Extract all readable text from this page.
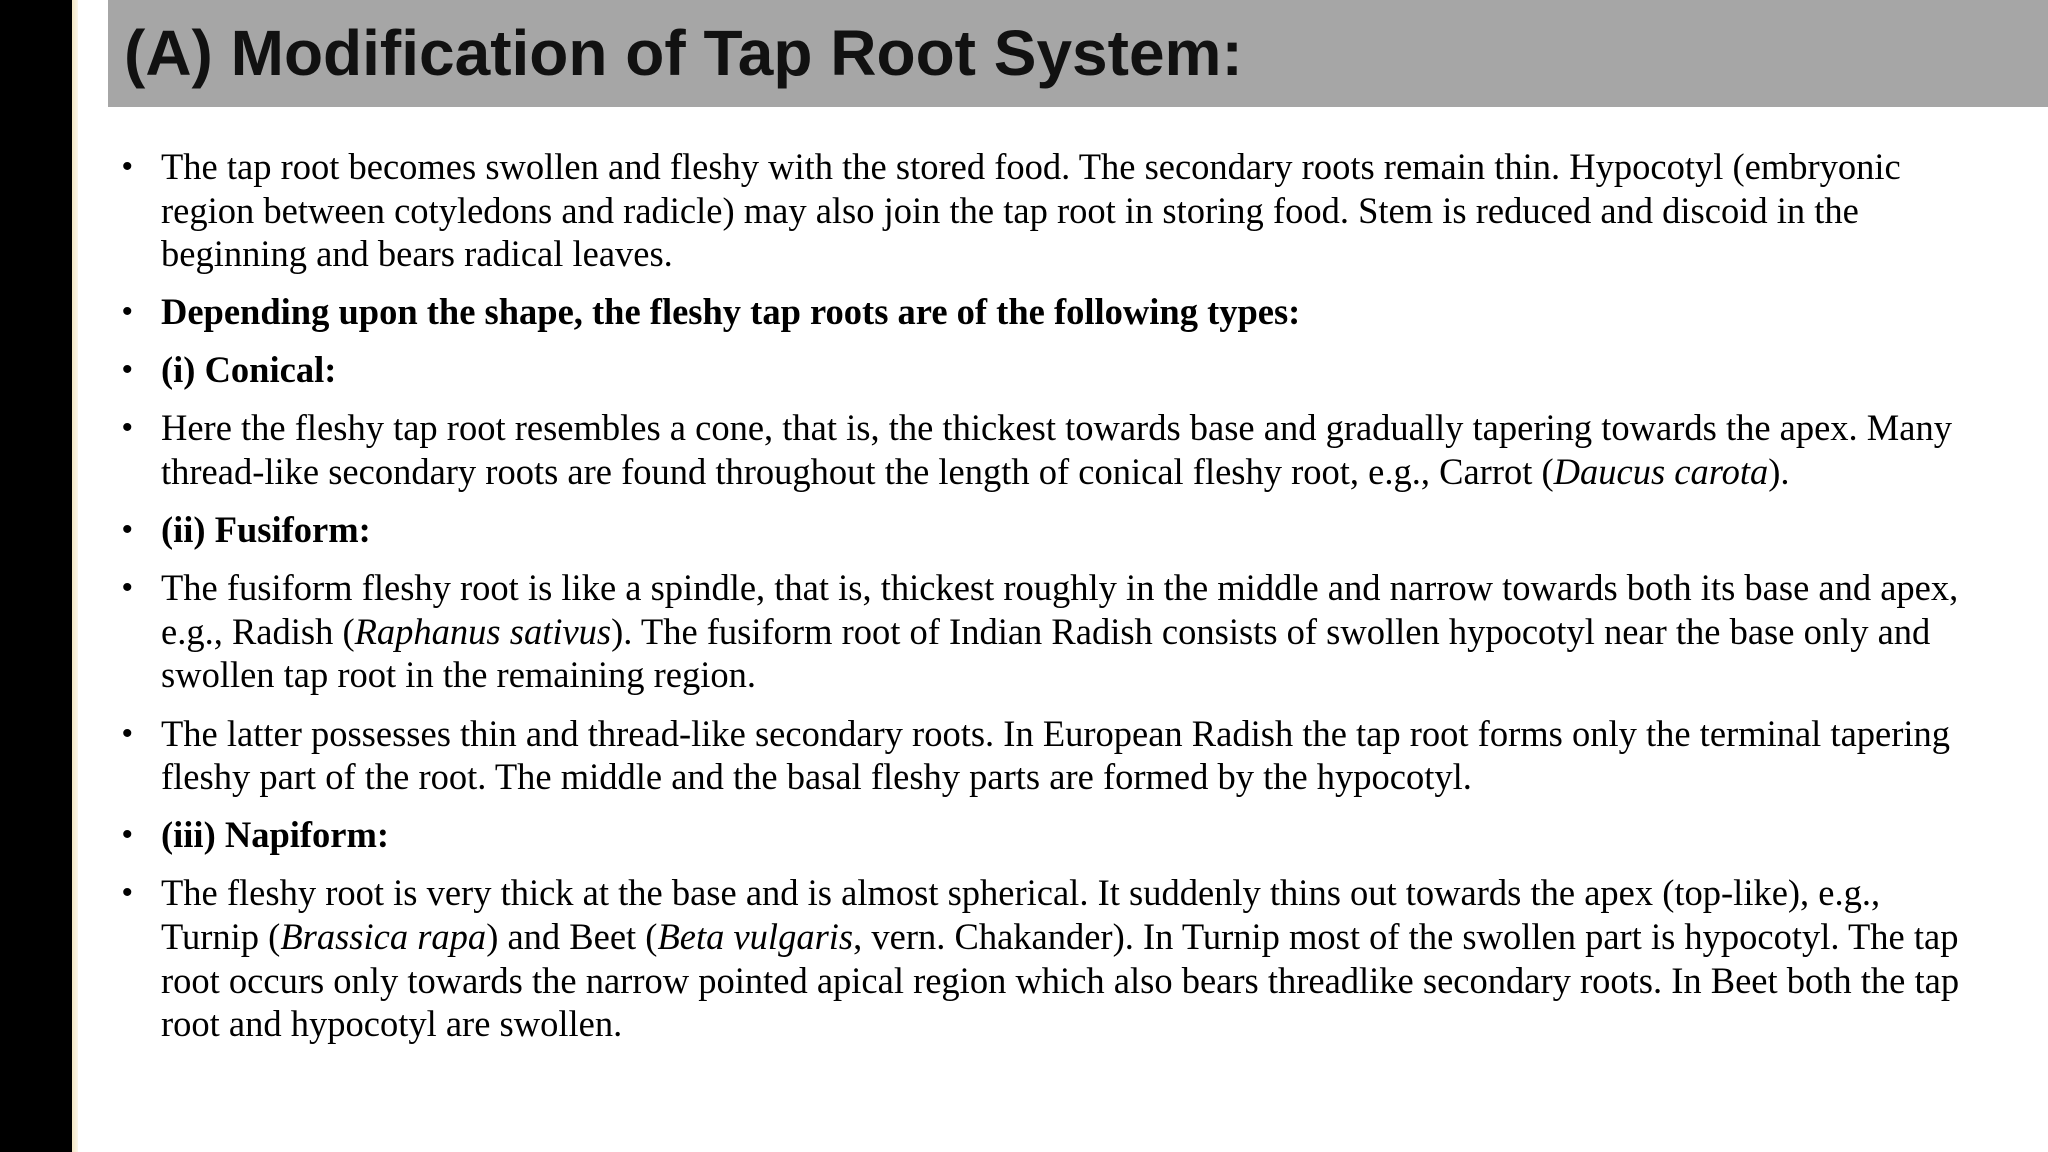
(A) Modification of Tap Root System:
• The tap root becomes swollen and fleshy with the stored food. The secondary roots remain thin. Hypocotyl (embryonic region between cotyledons and radicle) may also join the tap root in storing food. Stem is reduced and discoid in the beginning and bears radical leaves.
• Depending upon the shape, the fleshy tap roots are of the following types:
• (i) Conical:
• Here the fleshy tap root resembles a cone, that is, the thickest towards base and gradually tapering towards the apex. Many thread-like secondary roots are found throughout the length of conical fleshy root, e.g., Carrot (Daucus carota).
• (ii) Fusiform:
• The fusiform fleshy root is like a spindle, that is, thickest roughly in the middle and narrow towards both its base and apex, e.g., Radish (Raphanus sativus). The fusiform root of Indian Radish consists of swollen hypocotyl near the base only and swollen tap root in the remaining region.
• The latter possesses thin and thread-like secondary roots. In European Radish the tap root forms only the terminal tapering fleshy part of the root. The middle and the basal fleshy parts are formed by the hypocotyl.
• (iii) Napiform:
• The fleshy root is very thick at the base and is almost spherical. It suddenly thins out towards the apex (top-like), e.g., Turnip (Brassica rapa) and Beet (Beta vulgaris, vern. Chakander). In Turnip most of the swollen part is hypocotyl. The tap root occurs only towards the narrow pointed apical region which also bears threadlike secondary roots. In Beet both the tap root and hypocotyl are swollen.
